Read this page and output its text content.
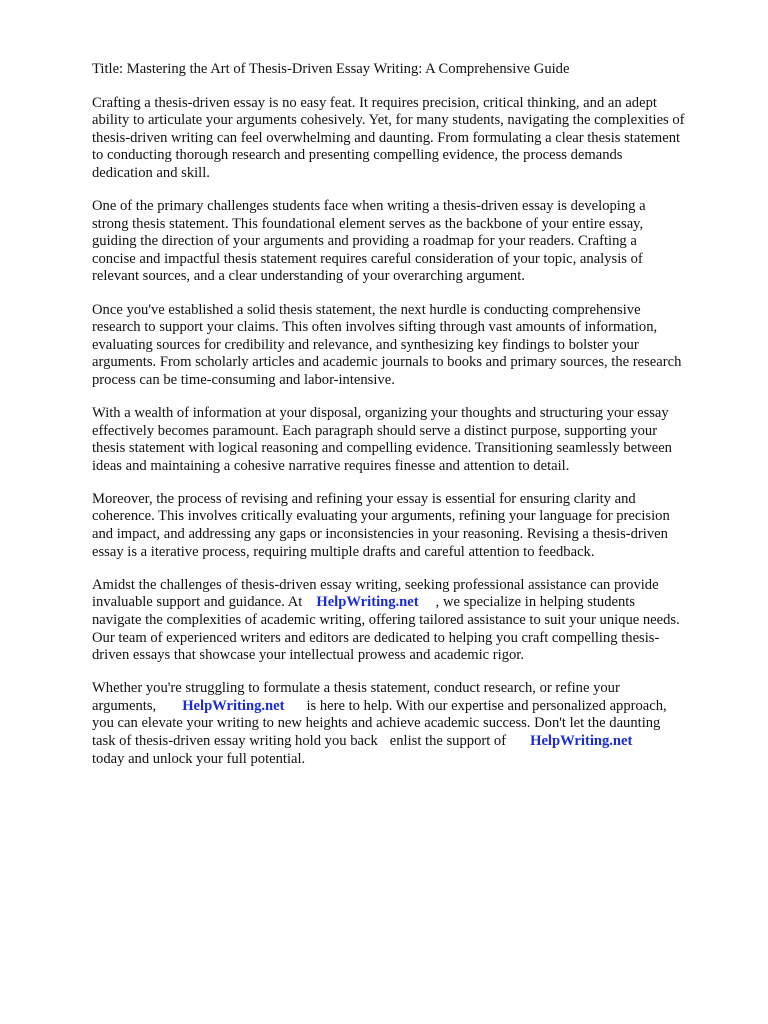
Title: Mastering the Art of Thesis-Driven Essay Writing: A Comprehensive Guide

Crafting a thesis-driven essay is no easy feat. It requires precision, critical thinking, and an adept
ability to articulate your arguments cohesively. Yet, for many students, navigating the complexities of
thesis-driven writing can feel overwhelming and daunting. From formulating a clear thesis statement
to conducting thorough research and presenting compelling evidence, the process demands
dedication and skill.

One of the primary challenges students face when writing a thesis-driven essay is developing a
strong thesis statement. This foundational element serves as the backbone of your entire essay,
guiding the direction of your arguments and providing a roadmap for your readers. Crafting a
concise and impactful thesis statement requires careful consideration of your topic, analysis of
relevant sources, and a clear understanding of your overarching argument.

Once you've established a solid thesis statement, the next hurdle is conducting comprehensive
research to support your claims. This often involves sifting through vast amounts of information,
evaluating sources for credibility and relevance, and synthesizing key findings to bolster your
arguments. From scholarly articles and academic journals to books and primary sources, the research
process can be time-consuming and labor-intensive.

With a wealth of information at your disposal, organizing your thoughts and structuring your essay
effectively becomes paramount. Each paragraph should serve a distinct purpose, supporting your
thesis statement with logical reasoning and compelling evidence. Transitioning seamlessly between
ideas and maintaining a cohesive narrative requires finesse and attention to detail.

Moreover, the process of revising and refining your essay is essential for ensuring clarity and
coherence. This involves critically evaluating your arguments, refining your language for precision
and impact, and addressing any gaps or inconsistencies in your reasoning. Revising a thesis-driven
essay is a iterative process, requiring multiple drafts and careful attention to feedback.

Amidst the challenges of thesis-driven essay writing, seeking professional assistance can provide
invaluable support and guidance. At HelpWriting.net , we specialize in helping students
navigate the complexities of academic writing, offering tailored assistance to suit your unique needs.
Our team of experienced writers and editors are dedicated to helping you craft compelling thesis-
driven essays that showcase your intellectual prowess and academic rigor.

Whether you're struggling to formulate a thesis statement, conduct research, or refine your
arguments, HelpWriting.net is here to help. With our expertise and personalized approach,
you can elevate your writing to new heights and achieve academic success. Don't let the daunting
task of thesis-driven essay writing hold you back enlist the support of HelpWriting.net
today and unlock your full potential.
